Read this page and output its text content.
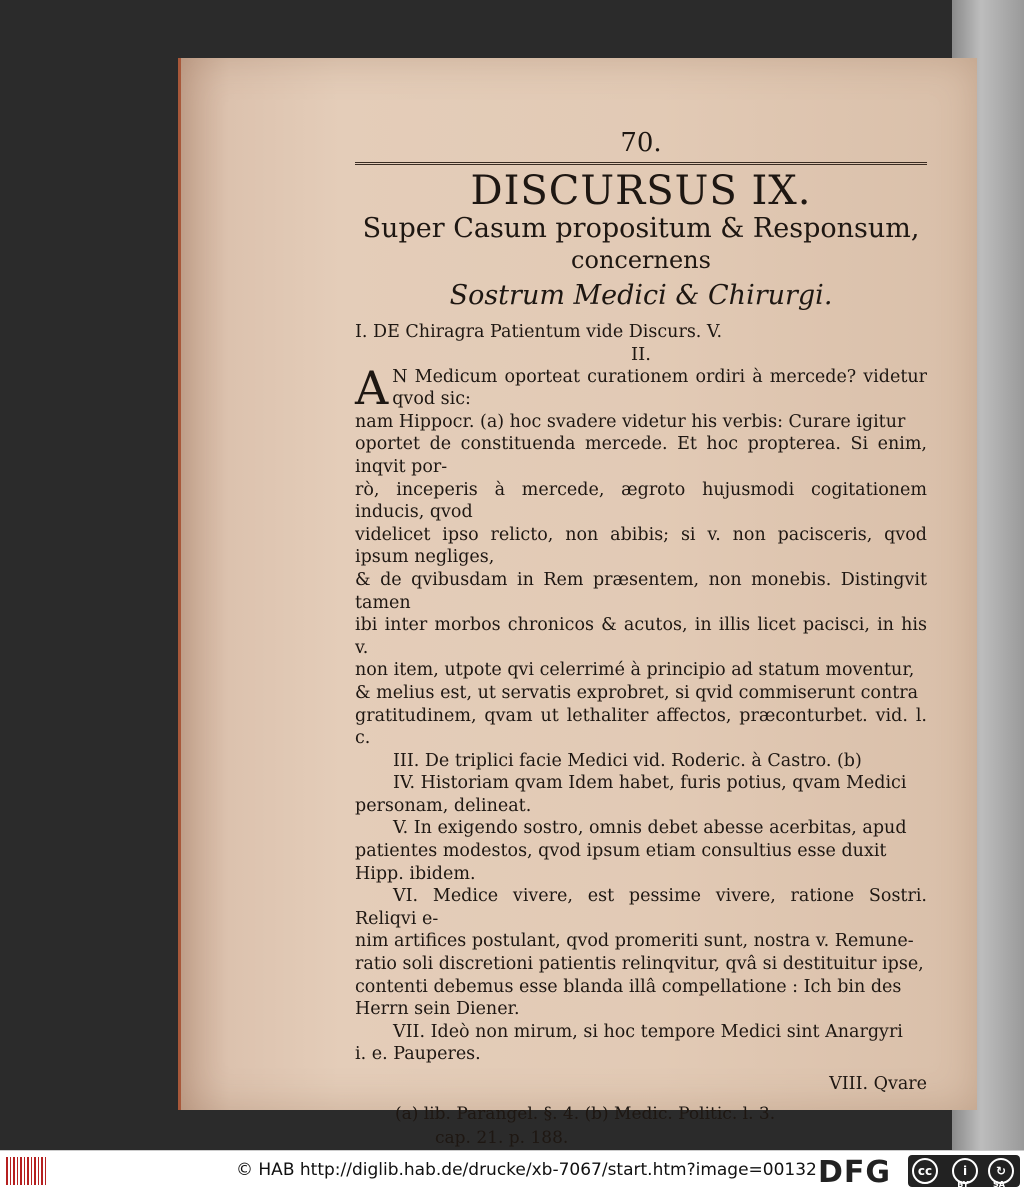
70.

DISCURSUS IX.

Super Casum propositum & Responsum,

concernens

Sostrum Medici & Chirurgi.

I. DE Chiragra Patientum vide Discurs. V.

II.

A N Medicum oporteat curationem ordiri à mercede? videtur qvod sic:

nam Hippocr. (a) hoc svadere videtur his verbis: Curare igitur

oportet de constituenda mercede. Et hoc propterea. Si enim, inqvit por-

rò, inceperis à mercede, ægroto hujusmodi cogitationem inducis, qvod

videlicet ipso relicto, non abibis; si v. non pacisceris, qvod ipsum negliges,

& de qvibusdam in Rem præsentem, non monebis. Distingvit tamen

ibi inter morbos chronicos & acutos, in illis licet pacisci, in his v.

non item, utpote qvi celerrimé à principio ad statum moventur,

& melius est, ut servatis exprobret, si qvid commiserunt contra

gratitudinem, qvam ut lethaliter affectos, præconturbet. vid. l. c.

III. De triplici facie Medici vid. Roderic. à Castro. (b)

IV. Historiam qvam Idem habet, furis potius, qvam Medici

personam, delineat.

V. In exigendo sostro, omnis debet abesse acerbitas, apud

patientes modestos, qvod ipsum etiam consultius esse duxit

Hipp. ibidem.

VI. Medice vivere, est pessime vivere, ratione Sostri. Reliqvi e-

nim artifices postulant, qvod promeriti sunt, nostra v. Remune-

ratio soli discretioni patientis relinqvitur, qvâ si destituitur ipse,

contenti debemus esse blanda illâ compellatione : Ich bin des

Herrn sein Diener.

VII. Ideò non mirum, si hoc tempore Medici sint Anargyri

i. e. Pauperes.

VIII. Qvare

(a) lib. Parangel. §. 4. (b) Medic. Politic. l. 3.
cap. 21. p. 188.
© HAB http://diglib.hab.de/drucke/xb-7067/start.htm?image=00132 DFG	cc	i	↻
BY	SA
